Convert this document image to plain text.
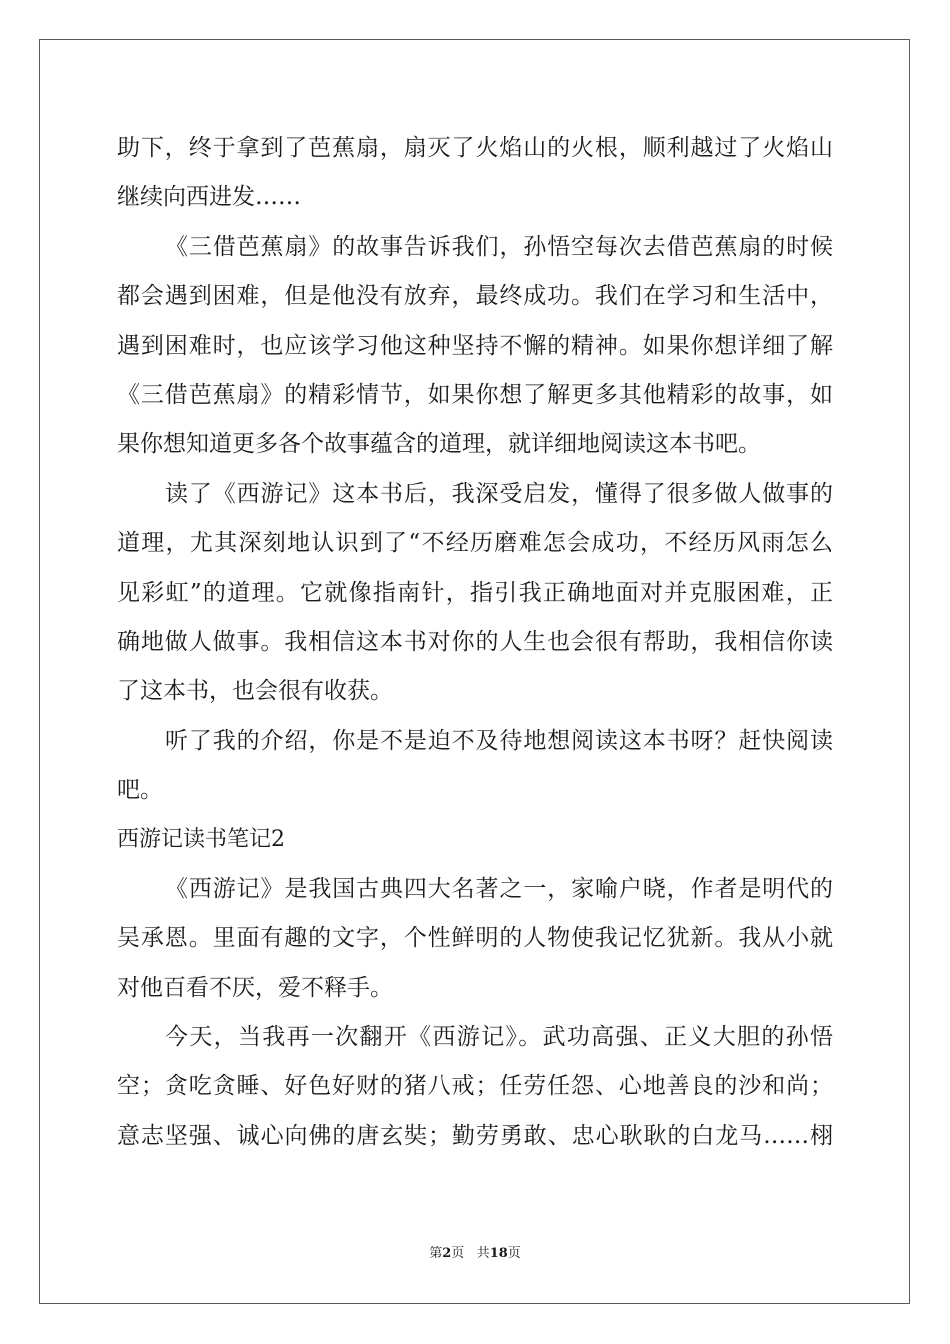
助下，终于拿到了芭蕉扇，扇灭了火焰山的火根，顺利越过了火焰山
继续向西进发……
《三借芭蕉扇》的故事告诉我们，孙悟空每次去借芭蕉扇的时候
都会遇到困难，但是他没有放弃，最终成功。我们在学习和生活中，
遇到困难时，也应该学习他这种坚持不懈的精神。如果你想详细了解
《三借芭蕉扇》的精彩情节，如果你想了解更多其他精彩的故事，如
果你想知道更多各个故事蕴含的道理，就详细地阅读这本书吧。
读了《西游记》这本书后，我深受启发，懂得了很多做人做事的
道理，尤其深刻地认识到了“不经历磨难怎会成功，不经历风雨怎么
见彩虹”的道理。它就像指南针，指引我正确地面对并克服困难，正
确地做人做事。我相信这本书对你的人生也会很有帮助，我相信你读
了这本书，也会很有收获。
听了我的介绍，你是不是迫不及待地想阅读这本书呀？赶快阅读
吧。
西游记读书笔记2
《西游记》是我国古典四大名著之一，家喻户晓，作者是明代的
吴承恩。里面有趣的文字，个性鲜明的人物使我记忆犹新。我从小就
对他百看不厌，爱不释手。
今天，当我再一次翻开《西游记》。武功高强、正义大胆的孙悟
空；贪吃贪睡、好色好财的猪八戒；任劳任怨、心地善良的沙和尚；
意志坚强、诚心向佛的唐玄奘；勤劳勇敢、忠心耿耿的白龙马……栩
第2页 共18页
